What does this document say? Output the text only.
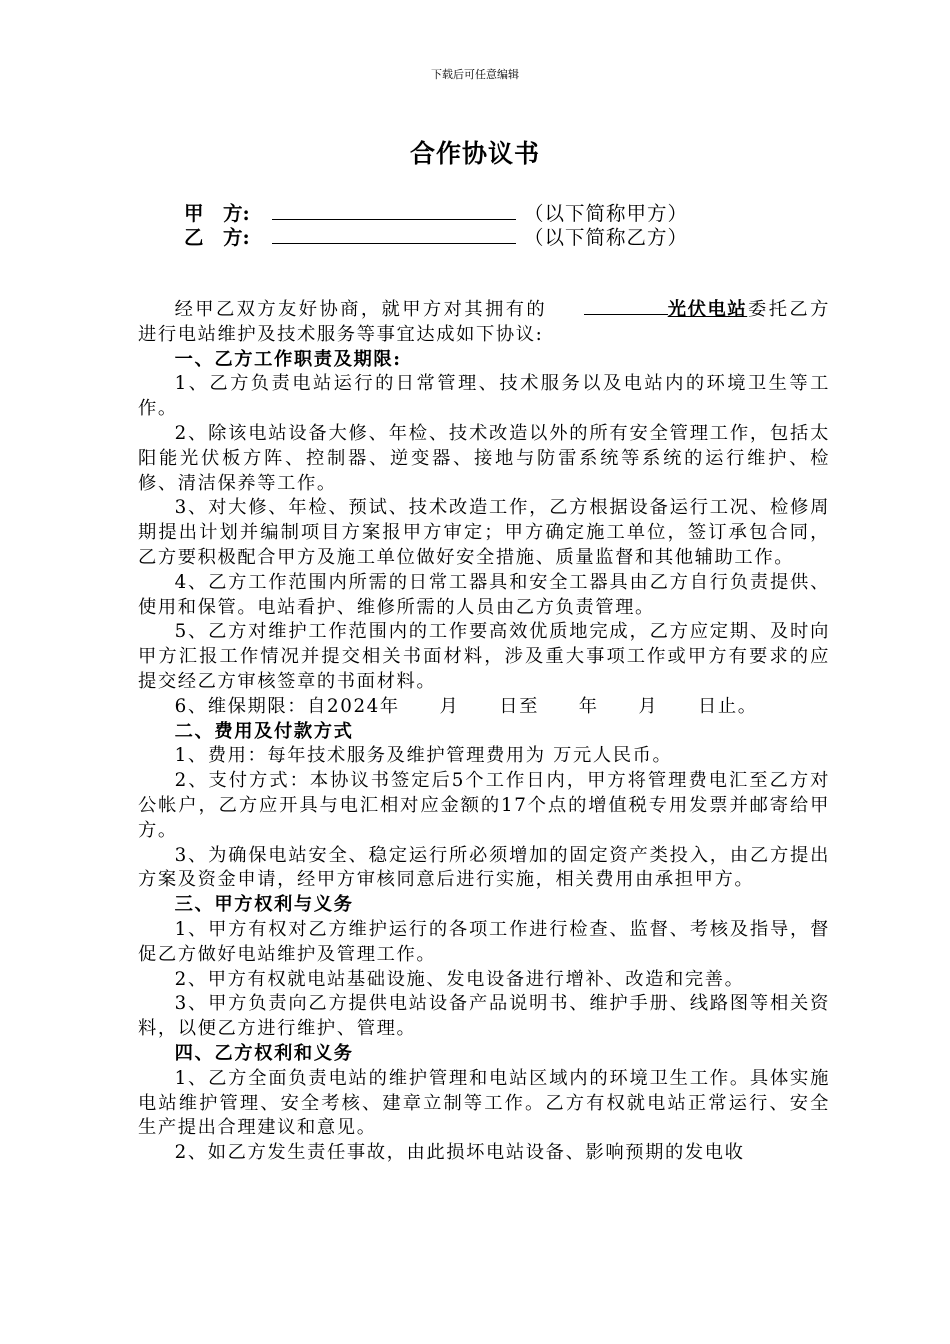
下载后可任意编辑
合作协议书
甲　方:	（以下简称甲方）
乙　方:	（以下简称乙方）

经甲乙双方友好协商，就甲方对其拥有的	光伏电站委托乙方进行电站维护及技术服务等事宜达成如下协议:

一、乙方工作职责及期限:

1、乙方负责电站运行的日常管理、技术服务以及电站内的环境卫生等工作。

2、除该电站设备大修、年检、技术改造以外的所有安全管理工作，包括太阳能光伏板方阵、控制器、逆变器、接地与防雷系统等系统的运行维护、检修、清洁保养等工作。

3、对大修、年检、预试、技术改造工作，乙方根据设备运行工况、检修周期提出计划并编制项目方案报甲方审定；甲方确定施工单位，签订承包合同，乙方要积极配合甲方及施工单位做好安全措施、质量监督和其他辅助工作。

4、乙方工作范围内所需的日常工器具和安全工器具由乙方自行负责提供、使用和保管。电站看护、维修所需的人员由乙方负责管理。

5、乙方对维护工作范围内的工作要高效优质地完成，乙方应定期、及时向甲方汇报工作情况并提交相关书面材料，涉及重大事项工作或甲方有要求的应提交经乙方审核签章的书面材料。

6、维保期限：自2024年　　月　　日至　　年　　月　　日止。

二、费用及付款方式

1、费用：每年技术服务及维护管理费用为 万元人民币。

2、支付方式：本协议书签定后5个工作日内，甲方将管理费电汇至乙方对公帐户，乙方应开具与电汇相对应金额的17个点的增值税专用发票并邮寄给甲方。

3、为确保电站安全、稳定运行所必须增加的固定资产类投入，由乙方提出方案及资金申请，经甲方审核同意后进行实施，相关费用由承担甲方。

三、甲方权利与义务

1、甲方有权对乙方维护运行的各项工作进行检查、监督、考核及指导，督促乙方做好电站维护及管理工作。

2、甲方有权就电站基础设施、发电设备进行增补、改造和完善。

3、甲方负责向乙方提供电站设备产品说明书、维护手册、线路图等相关资料，以便乙方进行维护、管理。

四、乙方权利和义务

1、乙方全面负责电站的维护管理和电站区域内的环境卫生工作。具体实施电站维护管理、安全考核、建章立制等工作。乙方有权就电站正常运行、安全生产提出合理建议和意见。

2、如乙方发生责任事故，由此损坏电站设备、影响预期的发电收
